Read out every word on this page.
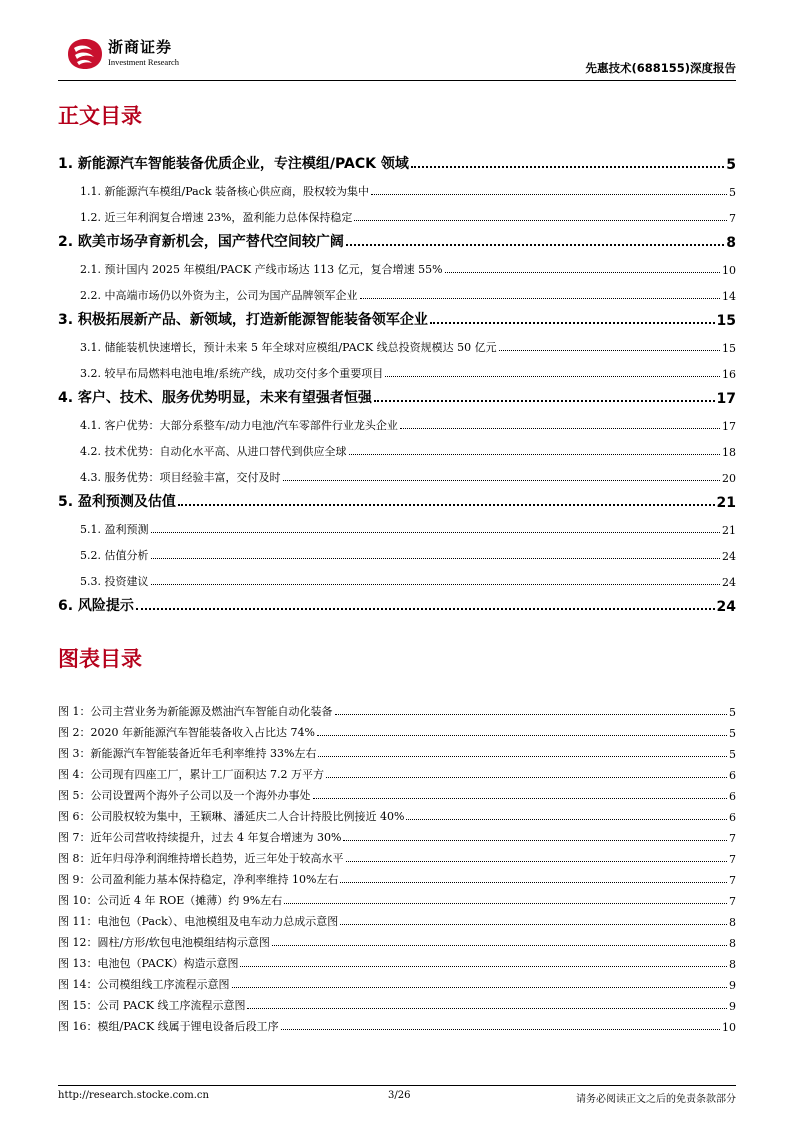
浙商证券
Investment Research	先惠技术(688155)深度报告
正文目录
1. 新能源汽车智能装备优质企业，专注模组/PACK 领域	5
1.1. 新能源汽车模组/Pack 装备核心供应商，股权较为集中	5
1.2. 近三年利润复合增速 23%，盈利能力总体保持稳定	7
2. 欧美市场孕育新机会，国产替代空间较广阔	8
2.1. 预计国内 2025 年模组/PACK 产线市场达 113 亿元，复合增速 55%	10
2.2. 中高端市场仍以外资为主，公司为国产品牌领军企业	14
3. 积极拓展新产品、新领域，打造新能源智能装备领军企业	15
3.1. 储能装机快速增长，预计未来 5 年全球对应模组/PACK 线总投资规模达 50 亿元	15
3.2. 较早布局燃料电池电堆/系统产线，成功交付多个重要项目	16
4. 客户、技术、服务优势明显，未来有望强者恒强	17
4.1. 客户优势：大部分系整车/动力电池/汽车零部件行业龙头企业	17
4.2. 技术优势：自动化水平高、从进口替代到供应全球	18
4.3. 服务优势：项目经验丰富，交付及时	20
5. 盈利预测及估值	21
5.1. 盈利预测	21
5.2. 估值分析	24
5.3. 投资建议	24
6. 风险提示	24
图表目录
图 1：公司主营业务为新能源及燃油汽车智能自动化装备	5
图 2：2020 年新能源汽车智能装备收入占比达 74%	5
图 3：新能源汽车智能装备近年毛利率维持 33%左右	5
图 4：公司现有四座工厂，累计工厂面积达 7.2 万平方	6
图 5：公司设置两个海外子公司以及一个海外办事处	6
图 6：公司股权较为集中，王颖琳、潘延庆二人合计持股比例接近 40%	6
图 7：近年公司营收持续提升，过去 4 年复合增速为 30%	7
图 8：近年归母净利润维持增长趋势，近三年处于较高水平	7
图 9：公司盈利能力基本保持稳定，净利率维持 10%左右	7
图 10：公司近 4 年 ROE（摊薄）约 9%左右	7
图 11：电池包（Pack）、电池模组及电车动力总成示意图	8
图 12：圆柱/方形/软包电池模组结构示意图	8
图 13：电池包（PACK）构造示意图	8
图 14：公司模组线工序流程示意图	9
图 15：公司 PACK 线工序流程示意图	9
图 16：模组/PACK 线属于锂电设备后段工序	10
http://research.stocke.com.cn	3/26	请务必阅读正文之后的免责条款部分
